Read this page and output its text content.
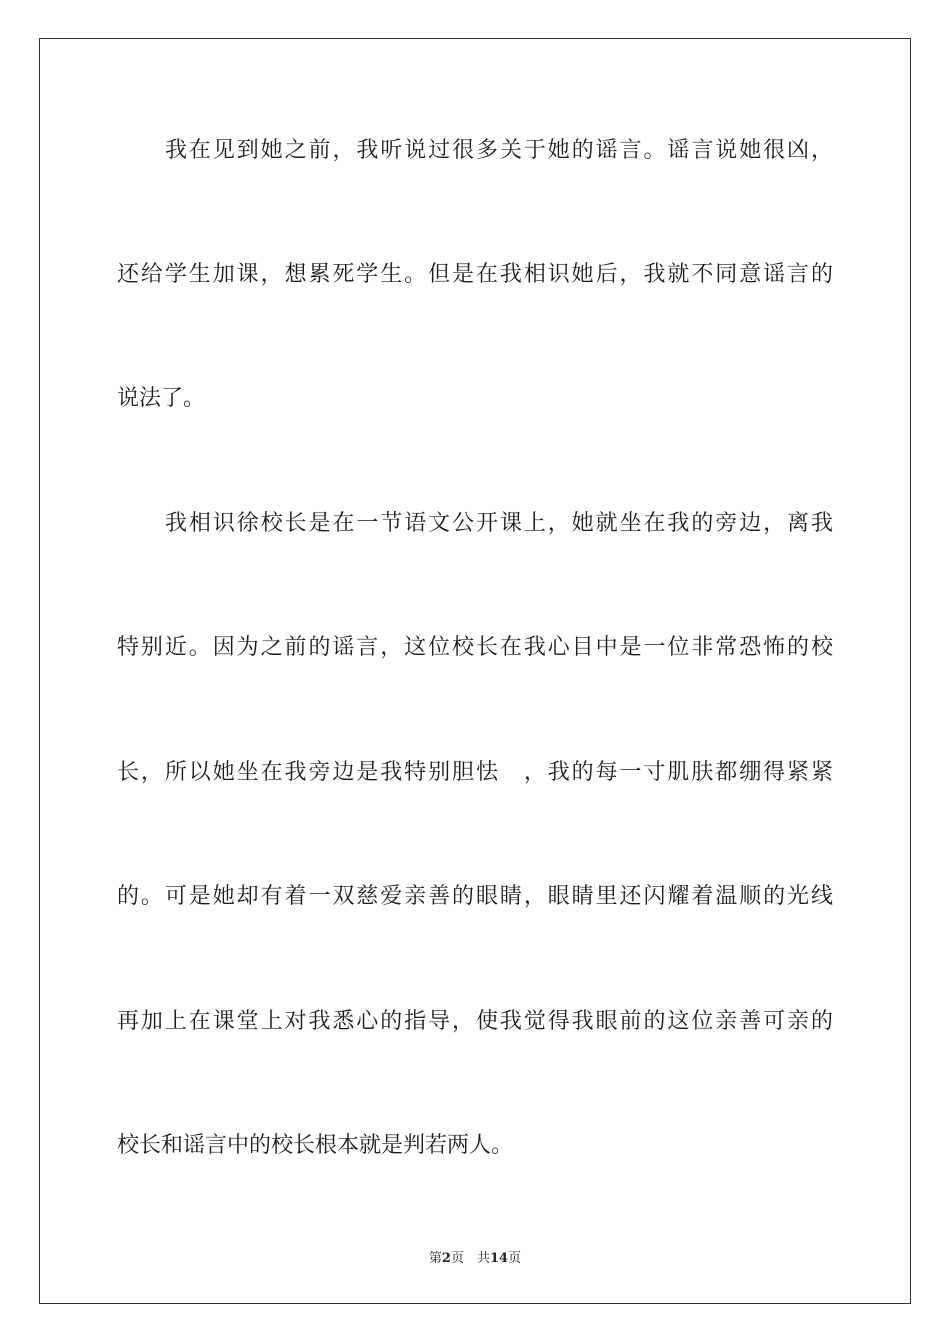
我在见到她之前，我听说过很多关于她的谣言。谣言说她很凶，
还给学生加课，想累死学生。但是在我相识她后，我就不同意谣言的
说法了。
我相识徐校长是在一节语文公开课上，她就坐在我的旁边，离我
特别近。因为之前的谣言，这位校长在我心目中是一位非常恐怖的校
长，所以她坐在我旁边是我特别胆怯　，我的每一寸肌肤都绷得紧紧
的。可是她却有着一双慈爱亲善的眼睛，眼睛里还闪耀着温顺的光线
再加上在课堂上对我悉心的指导，使我觉得我眼前的这位亲善可亲的
校长和谣言中的校长根本就是判若两人。
第2页　共14页
